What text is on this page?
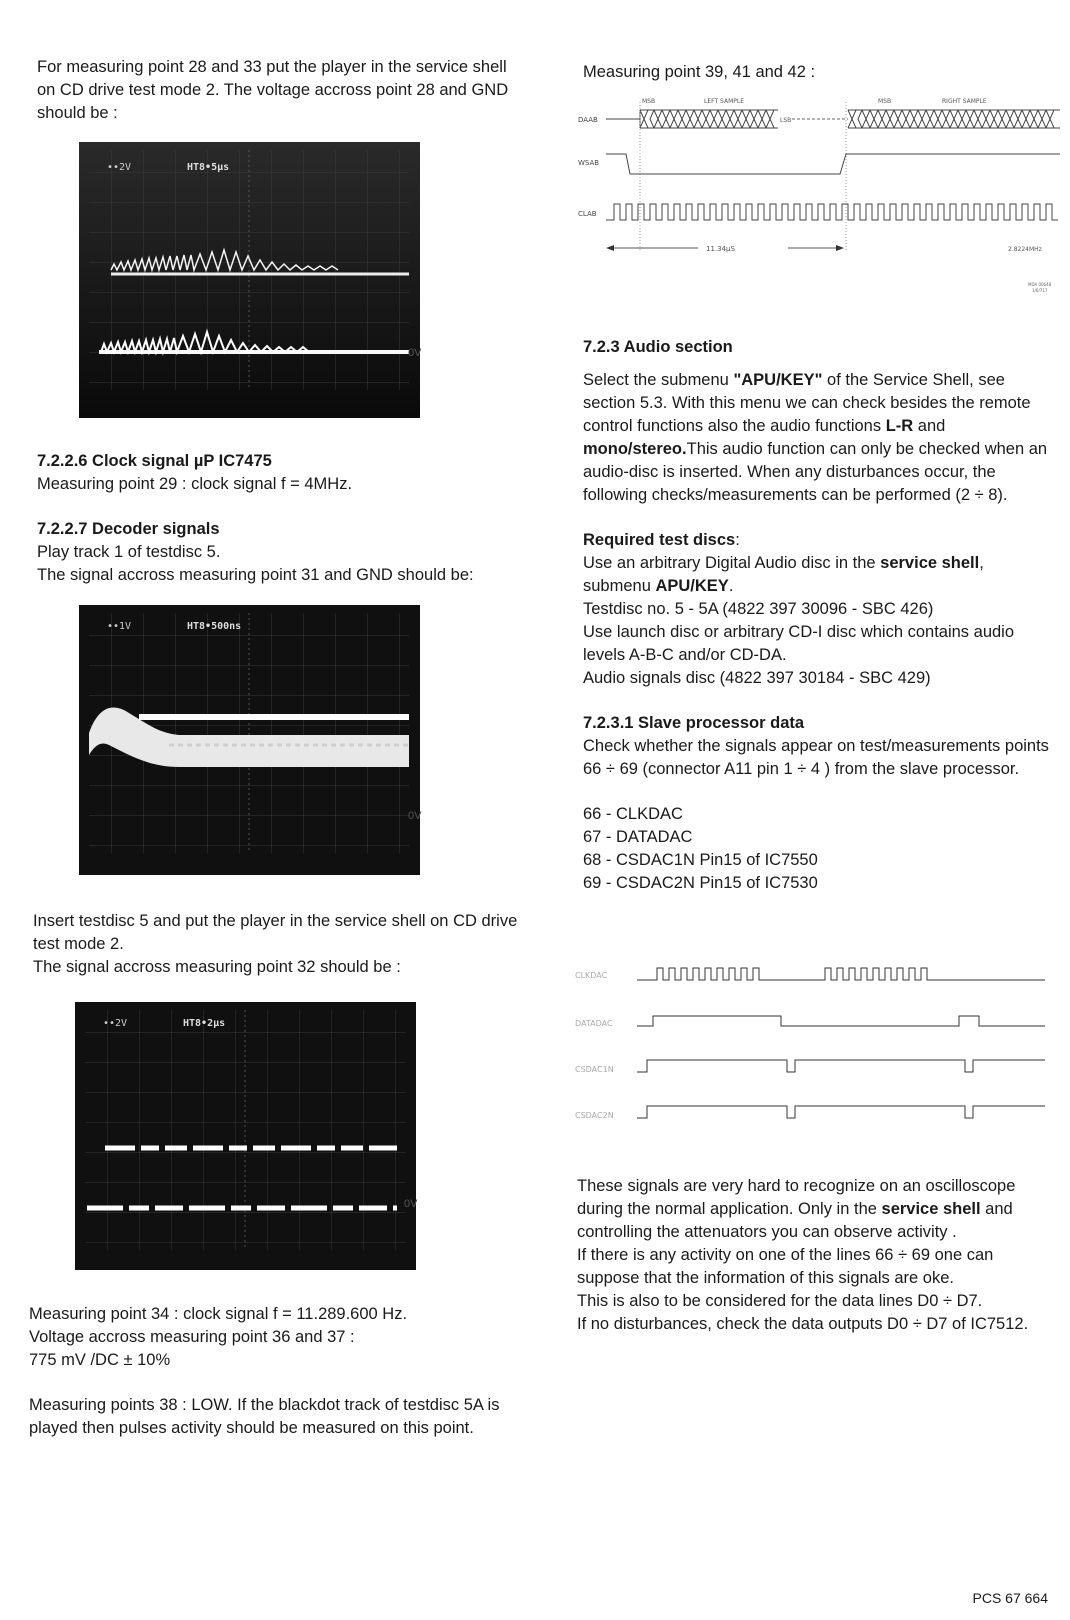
For measuring point 28 and 33 put the player in the service shell on CD drive test mode 2. The voltage accross point 28 and GND should be :

••2V	HT8•5μs
0V

7.2.2.6 Clock signal µP IC7475

Measuring point 29 : clock signal f = 4MHz.

7.2.2.7 Decoder signals

Play track 1 of testdisc 5.

The signal accross measuring point 31 and GND should be:

••1V	HT8•500ns
0V

Insert testdisc 5 and put the player in the service shell on CD drive test mode 2.

The signal accross measuring point 32 should be :

••2V	HT8•2μs
0V

Measuring point 34 : clock signal f = 11.289.600 Hz.

Voltage accross measuring point 36 and 37 :

775 mV /DC ± 10%

Measuring points 38 : LOW. If the blackdot track of testdisc 5A is played then pulses activity should be measured on this point.

Measuring point 39, 41 and 42 :

MSB	LEFT SAMPLE	MSB	RIGHT SAMPLE
DAAB	LSB
WSAB
CLAB
11.34μS	2.8224MHz
MDA 00648
1/6/717

7.2.3 Audio section

Select the submenu "APU/KEY" of the Service Shell, see section 5.3. With this menu we can check besides the remote control functions also the audio functions L-R and mono/stereo.This audio function can only be checked when an audio-disc is inserted. When any disturbances occur, the following checks/measurements can be performed (2 ÷ 8).

Required test discs:

Use an arbitrary Digital Audio disc in the service shell,

submenu APU/KEY.

Testdisc no. 5 - 5A (4822 397 30096 - SBC 426)

Use launch disc or arbitrary CD-I disc which contains audio levels A-B-C and/or CD-DA.

Audio signals disc (4822 397 30184 - SBC 429)

7.2.3.1 Slave processor data

Check whether the signals appear on test/measurements points 66 ÷ 69 (connector A11 pin 1 ÷ 4 ) from the slave processor.

66 - CLKDAC

67 - DATADAC

68 - CSDAC1N Pin15 of IC7550

69 - CSDAC2N Pin15 of IC7530

CLKDAC
DATADAC
CSDAC1N
CSDAC2N

These signals are very hard to recognize on an oscilloscope during the normal application. Only in the service shell and controlling the attenuators you can observe activity .

If there is any activity on one of the lines 66 ÷ 69 one can suppose that the information of this signals are oke.

This is also to be considered for the data lines D0 ÷ D7.

If no disturbances, check the data outputs D0 ÷ D7 of IC7512.

PCS 67 664
